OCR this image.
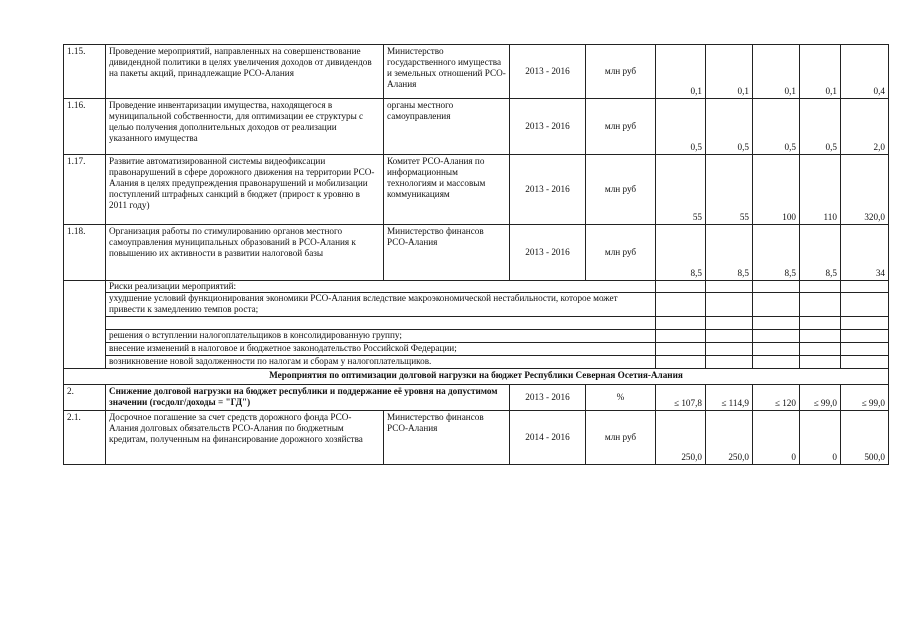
1.15.	Проведение мероприятий, направленных на совершенствование дивидендной политики в целях увеличения доходов от дивидендов на пакеты акций, принадлежащие РСО-Алания	Министерство государственного имущества и земельных отношений РСО-Алания	2013 - 2016	млн руб	0,1	0,1	0,1	0,1	0,4
1.16.	Проведение инвентаризации имущества, находящегося в муниципальной собственности, для оптимизации ее структуры с целью получения дополнительных доходов от реализации указанного имущества	органы местного самоуправления	2013 - 2016	млн руб	0,5	0,5	0,5	0,5	2,0
1.17.	Развитие автоматизированной системы видеофиксации правонарушений в сфере дорожного движения на территории РСО-Алания в целях предупреждения правонарушений и мобилизации поступлений штрафных санкций в бюджет (прирост к уровню в 2011 году)	Комитет РСО-Алания по информационным технологиям и массовым коммуникациям	2013 - 2016	млн руб	55	55	100	110	320,0
1.18.	Организация работы по стимулированию органов местного самоуправления муниципальных образований в РСО-Алания к повышению их активности в развитии налоговой базы	Министерство финансов РСО-Алания	2013 - 2016	млн руб	8,5	8,5	8,5	8,5	34
	Риски реализации мероприятий:								
	ухудшение условий функционирования экономики РСО-Алания вследствие макроэкономической нестабильности, которое может привести к замедлению темпов роста;								

	решения о вступлении налогоплательщиков в консолидированную группу;								
	внесение изменений в налоговое и бюджетное законодательство Российской Федерации;								
	возникновение новой задолженности по налогам и сборам у налогоплательщиков.								
Мероприятия по оптимизации долговой нагрузки на бюджет Республики Северная Осетия-Алания									
2.	Снижение долговой нагрузки на бюджет республики и поддержание её уровня на допустимом значении (госдолг/доходы = "ГД")		2013 - 2016	%	≤ 107,8	≤ 114,9	≤ 120	≤ 99,0	≤ 99,0
2.1.	Досрочное погашение за счет средств дорожного фонда РСО-Алания долговых обязательств РСО-Алания по бюджетным кредитам, полученным на финансирование дорожного хозяйства	Министерство финансов РСО-Алания	2014 - 2016	млн руб	250,0	250,0	0	0	500,0
